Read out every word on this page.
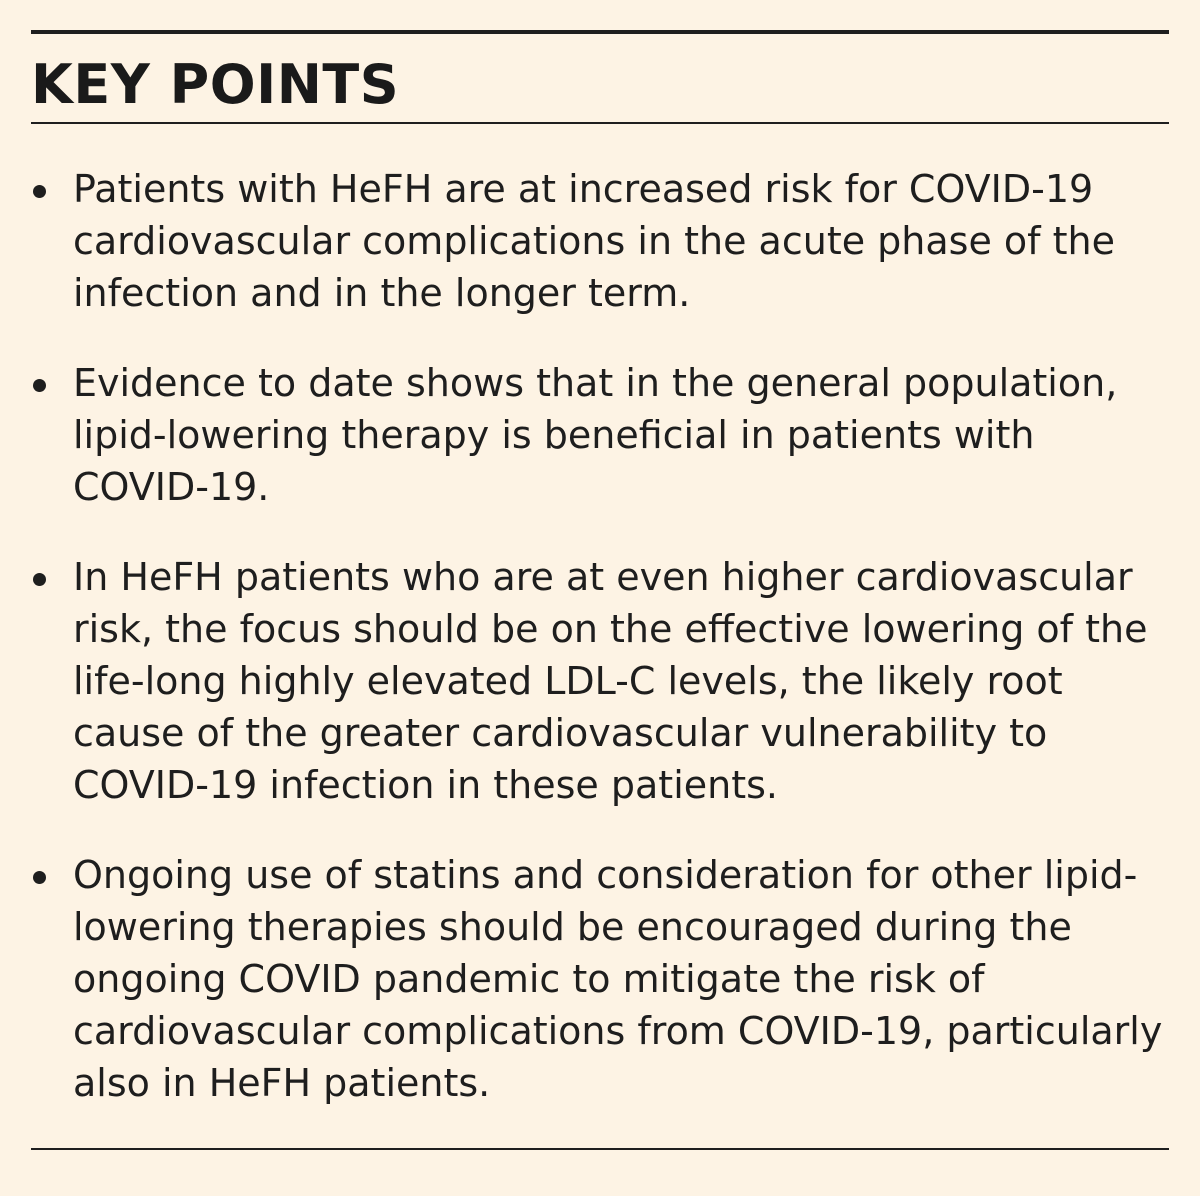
KEY POINTS
Patients with HeFH are at increased risk for COVID-19 cardiovascular complications in the acute phase of the infection and in the longer term.
Evidence to date shows that in the general population, lipid-lowering therapy is beneficial in patients with COVID-19.
In HeFH patients who are at even higher cardiovascular risk, the focus should be on the effective lowering of the life-long highly elevated LDL-C levels, the likely root cause of the greater cardiovascular vulnerability to COVID-19 infection in these patients.
Ongoing use of statins and consideration for other lipid-lowering therapies should be encouraged during the ongoing COVID pandemic to mitigate the risk of cardiovascular complications from COVID-19, particularly also in HeFH patients.
